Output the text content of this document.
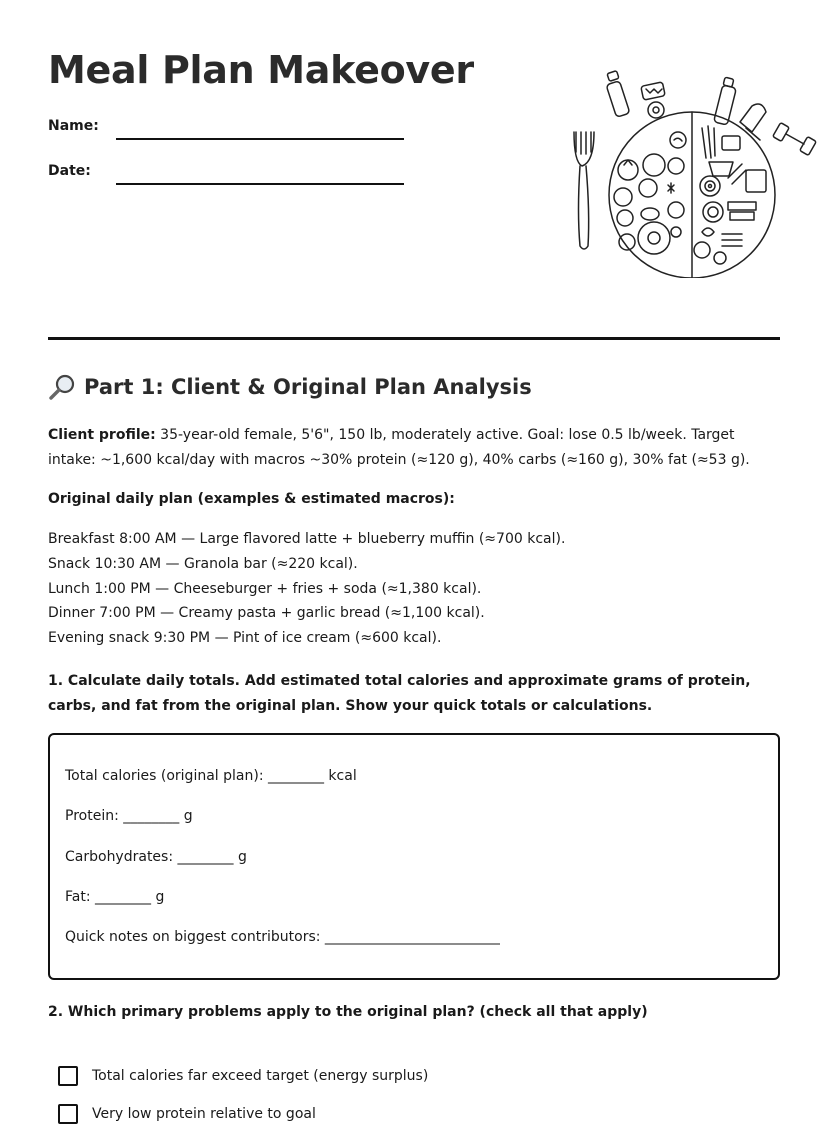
Meal Plan Makeover
Name:
Date:
Part 1: Client & Original Plan Analysis
Client profile: 35-year-old female, 5'6", 150 lb, moderately active. Goal: lose 0.5 lb/week. Target intake: ~1,600 kcal/day with macros ~30% protein (≈120 g), 40% carbs (≈160 g), 30% fat (≈53 g).
Original daily plan (examples & estimated macros):
Breakfast 8:00 AM — Large flavored latte + blueberry muffin (≈700 kcal).
Snack 10:30 AM — Granola bar (≈220 kcal).
Lunch 1:00 PM — Cheeseburger + fries + soda (≈1,380 kcal).
Dinner 7:00 PM — Creamy pasta + garlic bread (≈1,100 kcal).
Evening snack 9:30 PM — Pint of ice cream (≈600 kcal).
1. Calculate daily totals. Add estimated total calories and approximate grams of protein, carbs, and fat from the original plan. Show your quick totals or calculations.
Total calories (original plan): ________ kcal
Protein: ________ g
Carbohydrates: ________ g
Fat: ________ g
Quick notes on biggest contributors: _________________________
2. Which primary problems apply to the original plan? (check all that apply)
Total calories far exceed target (energy surplus)
Very low protein relative to goal
